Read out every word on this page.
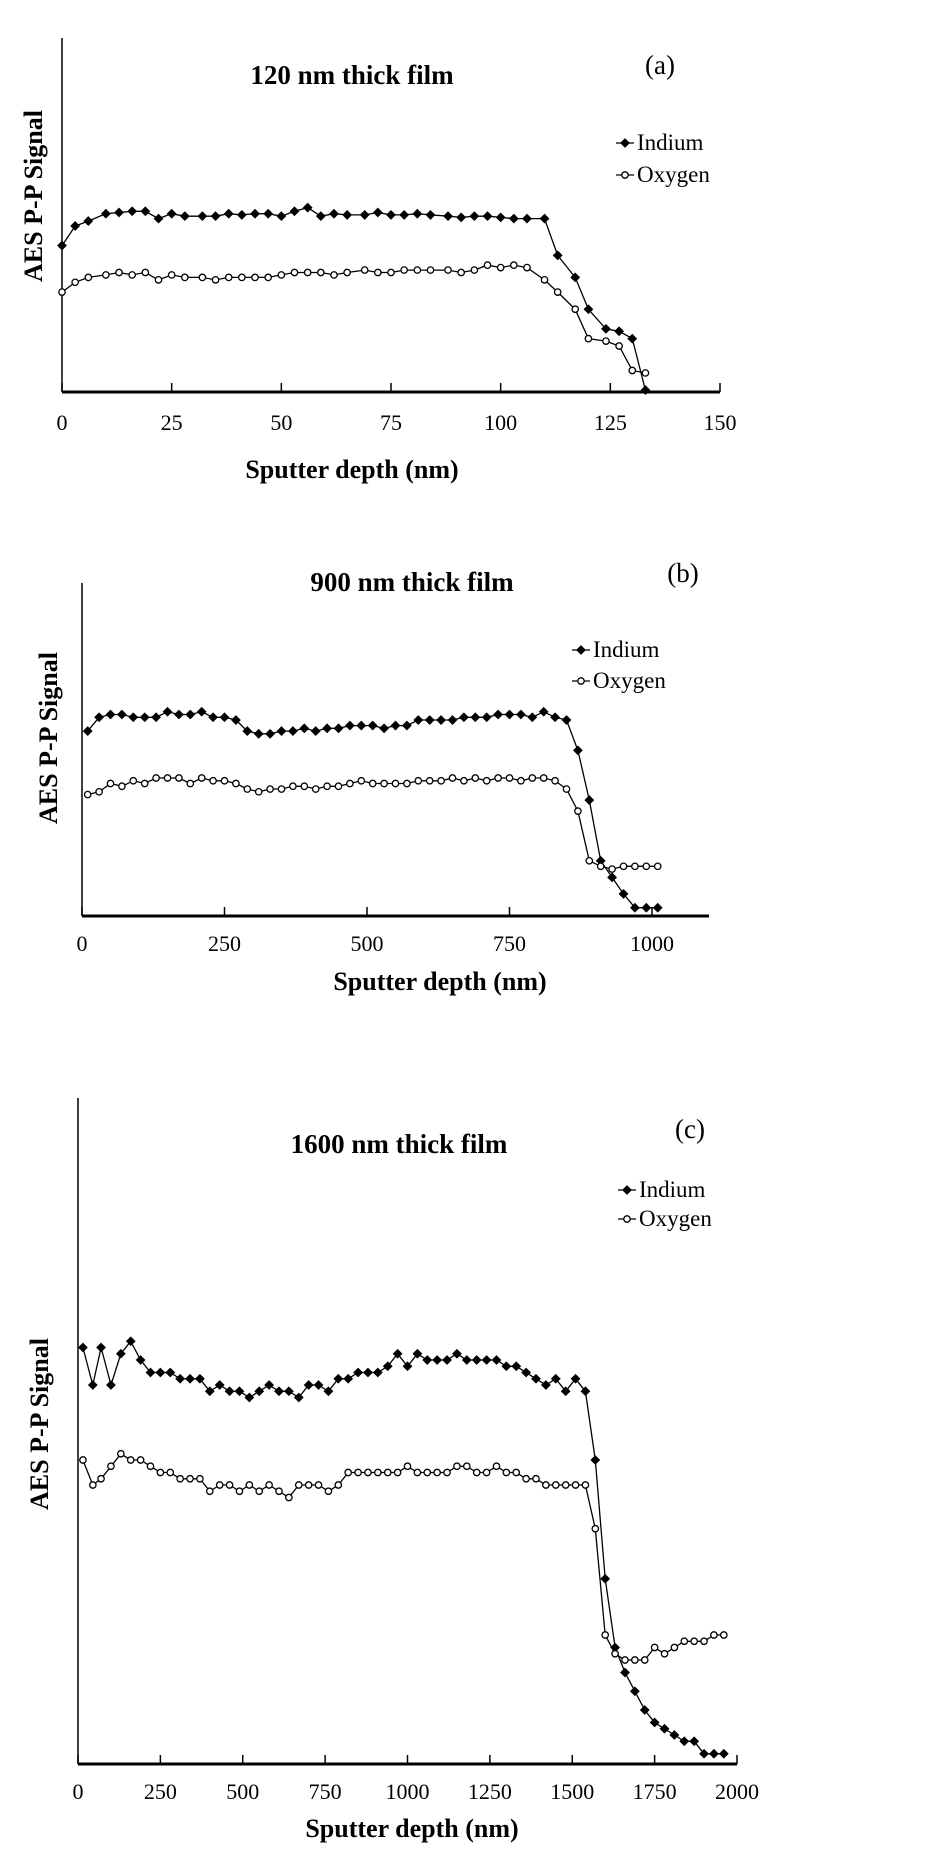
0	25	50	75	100	125	150
120 nm thick film	(a)
AES P-P Signal
Sputter depth (nm)
Indium
Oxygen
0	250	500	750	1000
900 nm thick film	(b)
AES P-P Signal
Sputter depth (nm)
Indium
Oxygen
0	250 500 750 1000 1250 1500 1750 2000
1600 nm thick film	(c)
AES P-P Signal
Sputter depth (nm)
Indium
Oxygen
